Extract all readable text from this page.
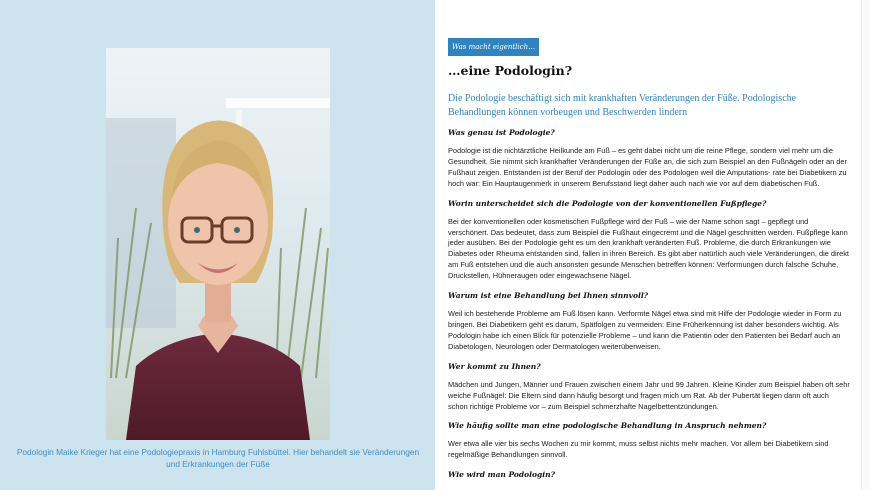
Podologin Maike Krieger hat eine Podologiepraxis in Hamburg Fuhlsbüttel. Hier behandelt sie Veränderungen und Erkrankungen der Füße
Was macht eigentlich…
…eine Podologin?
Die Podologie beschäftigt sich mit krankhaften Veränderungen der Füße. Podologische Behandlungen können vorbeugen und Beschwerden lindern
Was genau ist Podologie?
Podologie ist die nichtärztliche Heilkunde am Fuß – es geht dabei nicht um die reine Pflege, sondern viel mehr um die Gesundheit. Sie nimmt sich krankhafter Veränderungen der Füße an, die sich zum Beispiel an den Fußnägeln oder an der Fußhaut zeigen. Entstanden ist der Beruf der Podologin oder des Podologen weil die Amputations- rate bei Diabetikern zu hoch war: Ein Hauptaugenmerk in unserem Berufsstand liegt daher auch nach wie vor auf dem diabetischen Fuß.
Worin unterscheidet sich die Podologie von der konventionellen Fußpflege?
Bei der konventionellen oder kosmetischen Fußpflege wird der Fuß – wie der Name schon sagt – gepflegt und verschönert. Das bedeutet, dass zum Beispiel die Fußhaut eingecremt und die Nägel geschnitten werden. Fußpflege kann jeder ausüben. Bei der Podologie geht es um den krankhaft veränderten Fuß. Probleme, die durch Erkrankungen wie Diabetes oder Rheuma entstanden sind, fallen in ihren Bereich. Es gibt aber natürlich auch viele Veränderungen, die direkt am Fuß entstehen und die auch ansonsten gesunde Menschen betreffen können: Verformungen durch falsche Schuhe, Druckstellen, Hühneraugen oder eingewachsene Nägel.
Warum ist eine Behandlung bei Ihnen sinnvoll?
Weil ich bestehende Probleme am Fuß lösen kann. Verformte Nägel etwa sind mit Hilfe der Podologie wieder in Form zu bringen. Bei Diabetikern geht es darum, Spätfolgen zu vermeiden: Eine Früherkennung ist daher besonders wichtig. Als Podologin habe ich einen Blick für potenzielle Probleme – und kann die Patientin oder den Patienten bei Bedarf auch an Diabetologen, Neurologen oder Dermatologen weiterüberweisen.
Wer kommt zu Ihnen?
Mädchen und Jungen, Männer und Frauen zwischen einem Jahr und 99 Jahren. Kleine Kinder zum Beispiel haben oft sehr weiche Fußnägel: Die Eltern sind dann häufig besorgt und fragen mich um Rat. Ab der Pubertät liegen dann oft auch schon richtige Probleme vor – zum Beispiel schmerzhafte Nagelbettentzündungen.
Wie häufig sollte man eine podologische Behandlung in Anspruch nehmen?
Wer etwa alle vier bis sechs Wochen zu mir kommt, muss selbst nichts mehr machen. Vor allem bei Diabetikern sind regelmäßige Behandlungen sinnvoll.
Wie wird man Podologin?
